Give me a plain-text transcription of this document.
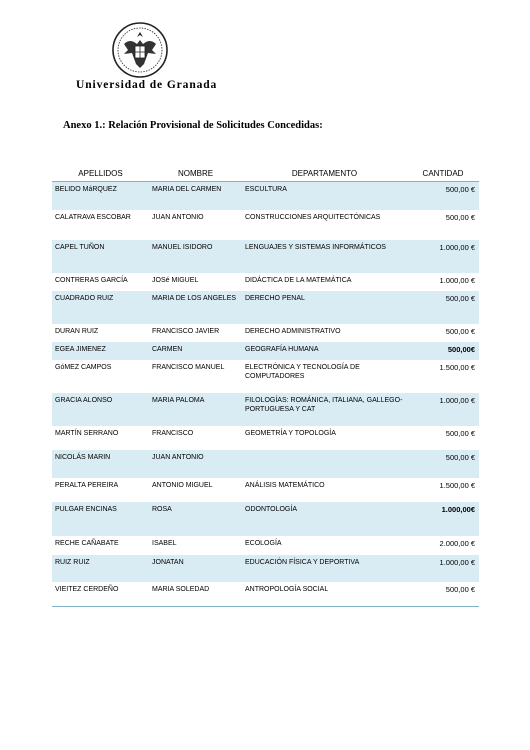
Universidad de Granada
Anexo 1.: Relación Provisional de Solicitudes Concedidas:
APELLIDOS	NOMBRE	DEPARTAMENTO	CANTIDAD
BELIDO MáRQUEZ	MARIA DEL CARMEN	ESCULTURA	500,00 €
CALATRAVA ESCOBAR	JUAN ANTONIO	CONSTRUCCIONES ARQUITECTÓNICAS	500,00 €
CAPEL TUÑON	MANUEL ISIDORO	LENGUAJES Y SISTEMAS INFORMÁTICOS	1.000,00 €
CONTRERAS GARCÍA	JOSé MIGUEL	DIDÁCTICA DE LA MATEMÁTICA	1.000,00 €
CUADRADO RUIZ	MARIA DE LOS ANGELES	DERECHO PENAL	500,00 €
DURAN RUIZ	FRANCISCO JAVIER	DERECHO ADMINISTRATIVO	500,00 €
EGEA JIMENEZ	CARMEN	GEOGRAFÍA HUMANA	500,00€
GóMEZ CAMPOS	FRANCISCO MANUEL	ELECTRÓNICA Y TECNOLOGÍA DE COMPUTADORES	1.500,00 €
GRACIA ALONSO	MARIA PALOMA	FILOLOGÍAS: ROMÁNICA, ITALIANA, GALLEGO-PORTUGUESA Y CAT	1.000,00 €
MARTÍN SERRANO	FRANCISCO	GEOMETRÍA Y TOPOLOGÍA	500,00 €
NICOLÁS MARIN	JUAN ANTONIO		500,00 €
PERALTA PEREIRA	ANTONIO MIGUEL	ANÁLISIS MATEMÁTICO	1.500,00 €
PULGAR ENCINAS	ROSA	ODONTOLOGÍA	1.000,00€
RECHE CAÑABATE	ISABEL	ECOLOGÍA	2.000,00 €
RUIZ RUIZ	JONATAN	EDUCACIÓN FÍSICA Y DEPORTIVA	1.000,00 €
VIEITEZ CERDEÑO	MARIA SOLEDAD	ANTROPOLOGÍA SOCIAL	500,00 €
